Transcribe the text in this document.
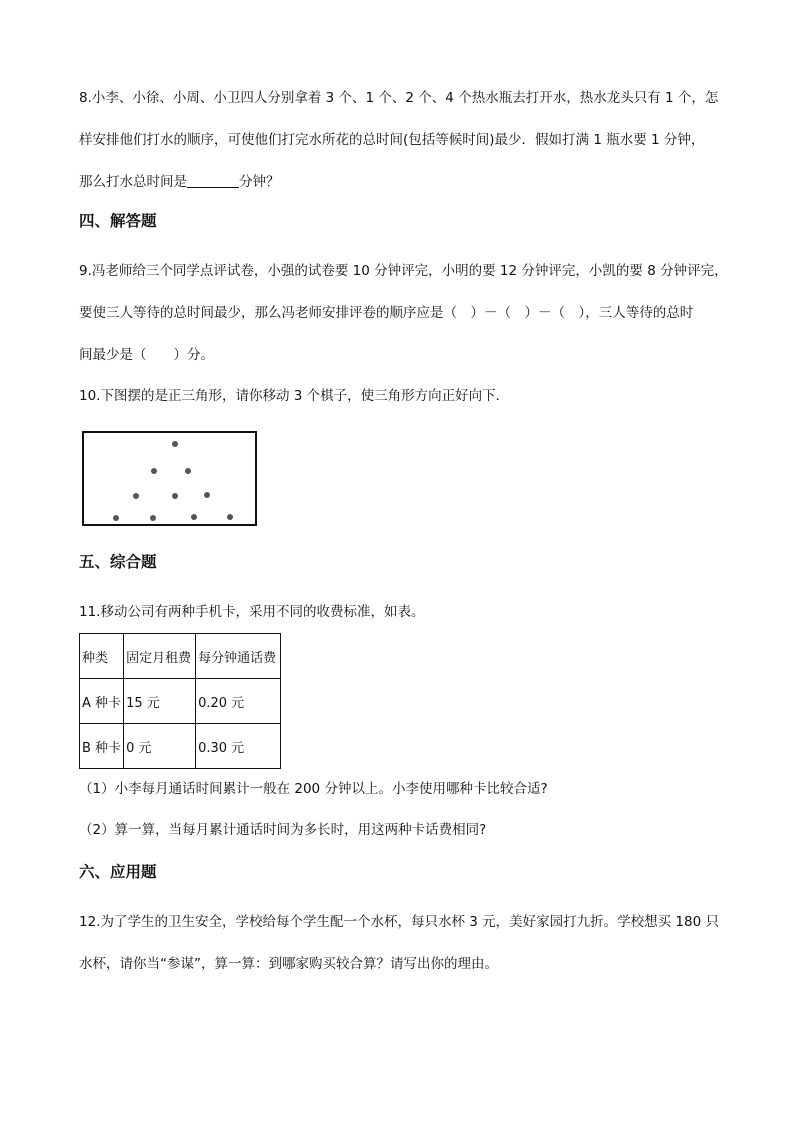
8.小李、小徐、小周、小卫四人分别拿着 3 个、1 个、2 个、4 个热水瓶去打开水，热水龙头只有 1 个，怎
样安排他们打水的顺序，可使他们打完水所花的总时间(包括等候时间)最少．假如打满 1 瓶水要 1 分钟，
那么打水总时间是	分钟？
四、解答题
9.冯老师给三个同学点评试卷，小强的试卷要 10 分钟评完，小明的要 12 分钟评完，小凯的要 8 分钟评完，
要使三人等待的总时间最少，那么冯老师安排评卷的顺序应是（　）－（　）－（　），三人等待的总时
间最少是（　　）分。
10.下图摆的是正三角形，请你移动 3 个棋子，使三角形方向正好向下．
五、综合题
11.移动公司有两种手机卡，采用不同的收费标准，如表。
种类	固定月租费	每分钟通话费
A 种卡	15 元	0.20 元
B 种卡	0 元	0.30 元
（1）小李每月通话时间累计一般在 200 分钟以上。小李使用哪种卡比较合适?
（2）算一算，当每月累计通话时间为多长时，用这两种卡话费相同?
六、应用题
12.为了学生的卫生安全，学校给每个学生配一个水杯，每只水杯 3 元，美好家园打九折。学校想买 180 只
水杯，请你当“参谋”，算一算：到哪家购买较合算？请写出你的理由。
